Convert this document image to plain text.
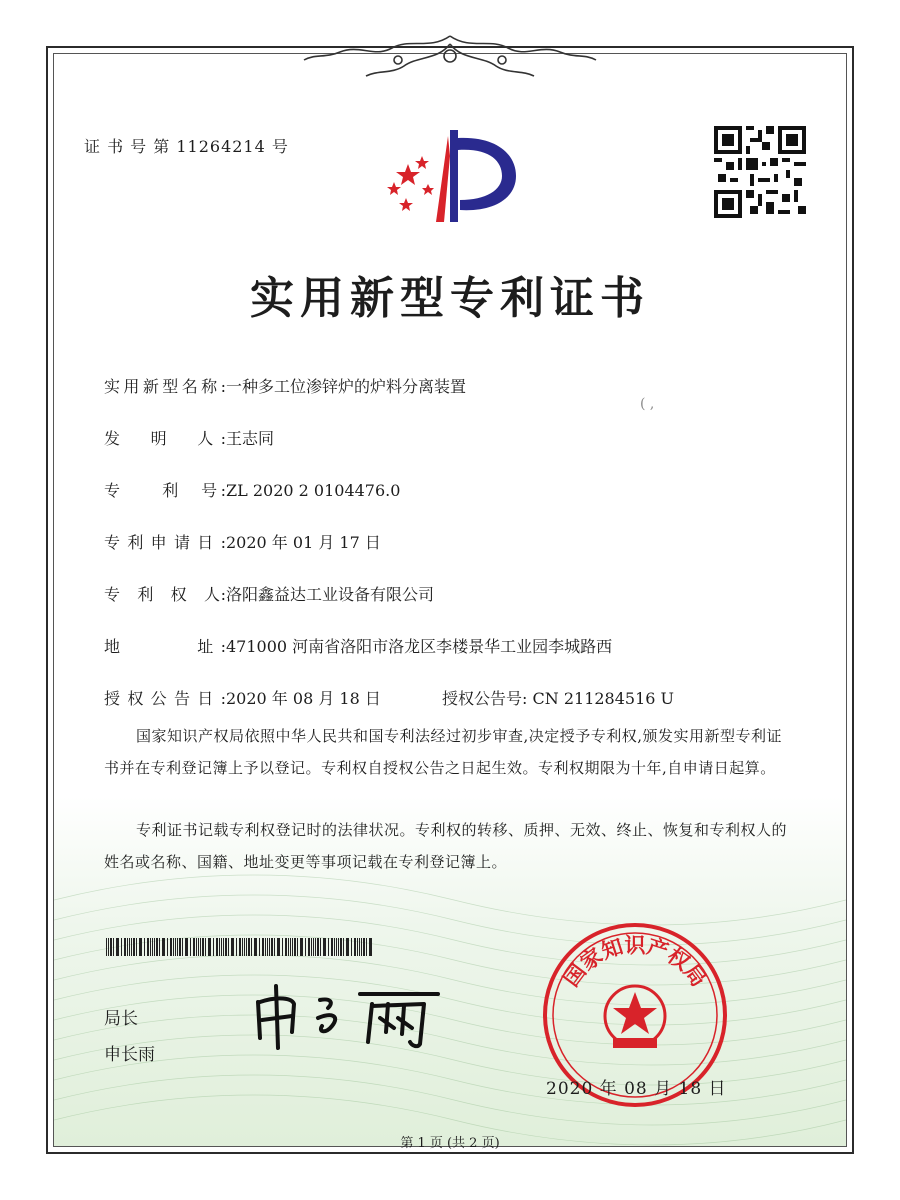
证 书 号 第 11264214 号
实用新型专利证书
实用新型名称:一种多工位渗锌炉的炉料分离装置
发　明　人:王志同
专　　利　号:ZL 2020 2 0104476.0
专利申请日:2020 年 01 月 17 日
专　利　权　人:洛阳鑫益达工业设备有限公司
地　　　址:471000 河南省洛阳市洛龙区李楼景华工业园李城路西
授权公告日:2020 年 08 月 18 日	授权公告号: CN 211284516 U
( ,
国家知识产权局依照中华人民共和国专利法经过初步审查,决定授予专利权,颁发实用新型专利证书并在专利登记簿上予以登记。专利权自授权公告之日起生效。专利权期限为十年,自申请日起算。
专利证书记载专利权登记时的法律状况。专利权的转移、质押、无效、终止、恢复和专利权人的姓名或名称、国籍、地址变更等事项记载在专利登记簿上。
局长
申长雨
国家知识产权局
2020 年 08 月 18 日
第 1 页 (共 2 页)
